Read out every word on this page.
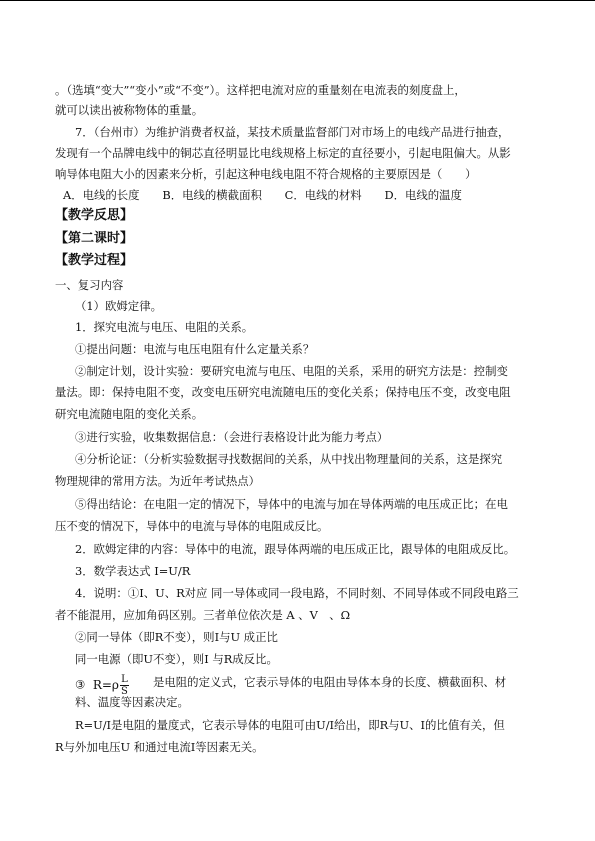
。（选填“变大”“变小”或“不变”）。这样把电流对应的重量刻在电流表的刻度盘上，
就可以读出被称物体的重量。
7．（台州市）为维护消费者权益，某技术质量监督部门对市场上的电线产品进行抽查，
发现有一个品牌电线中的铜芯直径明显比电线规格上标定的直径要小，引起电阻偏大。从影
响导体电阻大小的因素来分析，引起这种电线电阻不符合规格的主要原因是（　　）
A．电线的长度　　B．电线的横截面积　　C．电线的材料　　D．电线的温度
【教学反思】
【第二课时】
【教学过程】
一、复习内容
（1）欧姆定律。
1．探究电流与电压、电阻的关系。
①提出问题：电流与电压电阻有什么定量关系？
②制定计划，设计实验：要研究电流与电压、电阻的关系，采用的研究方法是：控制变
量法。即：保持电阻不变，改变电压研究电流随电压的变化关系；保持电压不变，改变电阻
研究电流随电阻的变化关系。
③进行实验，收集数据信息：（会进行表格设计此为能力考点）
④分析论证：（分析实验数据寻找数据间的关系，从中找出物理量间的关系，这是探究
物理规律的常用方法。为近年考试热点）
⑤得出结论：在电阻一定的情况下，导体中的电流与加在导体两端的电压成正比；在电
压不变的情况下，导体中的电流与导体的电阻成反比。
2．欧姆定律的内容：导体中的电流，跟导体两端的电压成正比，跟导体的电阻成反比。
3．数学表达式 I=U/R
4．说明：①I、U、R对应 同一导体或同一段电路，不同时刻、不同导体或不同段电路三
者不能混用，应加角码区别。三者单位依次是 A 、V　、Ω
②同一导体（即R不变），则I与U 成正比
同一电源（即U不变），则I 与R成反比。
③ $R=\rho \frac{L}{S}$ 是电阻的定义式，它表示导体的电阻由导体本身的长度、横截面积、材
料、温度等因素决定。
R=U/I是电阻的量度式，它表示导体的电阻可由U/I给出，即R与U、I的比值有关，但
R与外加电压U 和通过电流I等因素无关。
